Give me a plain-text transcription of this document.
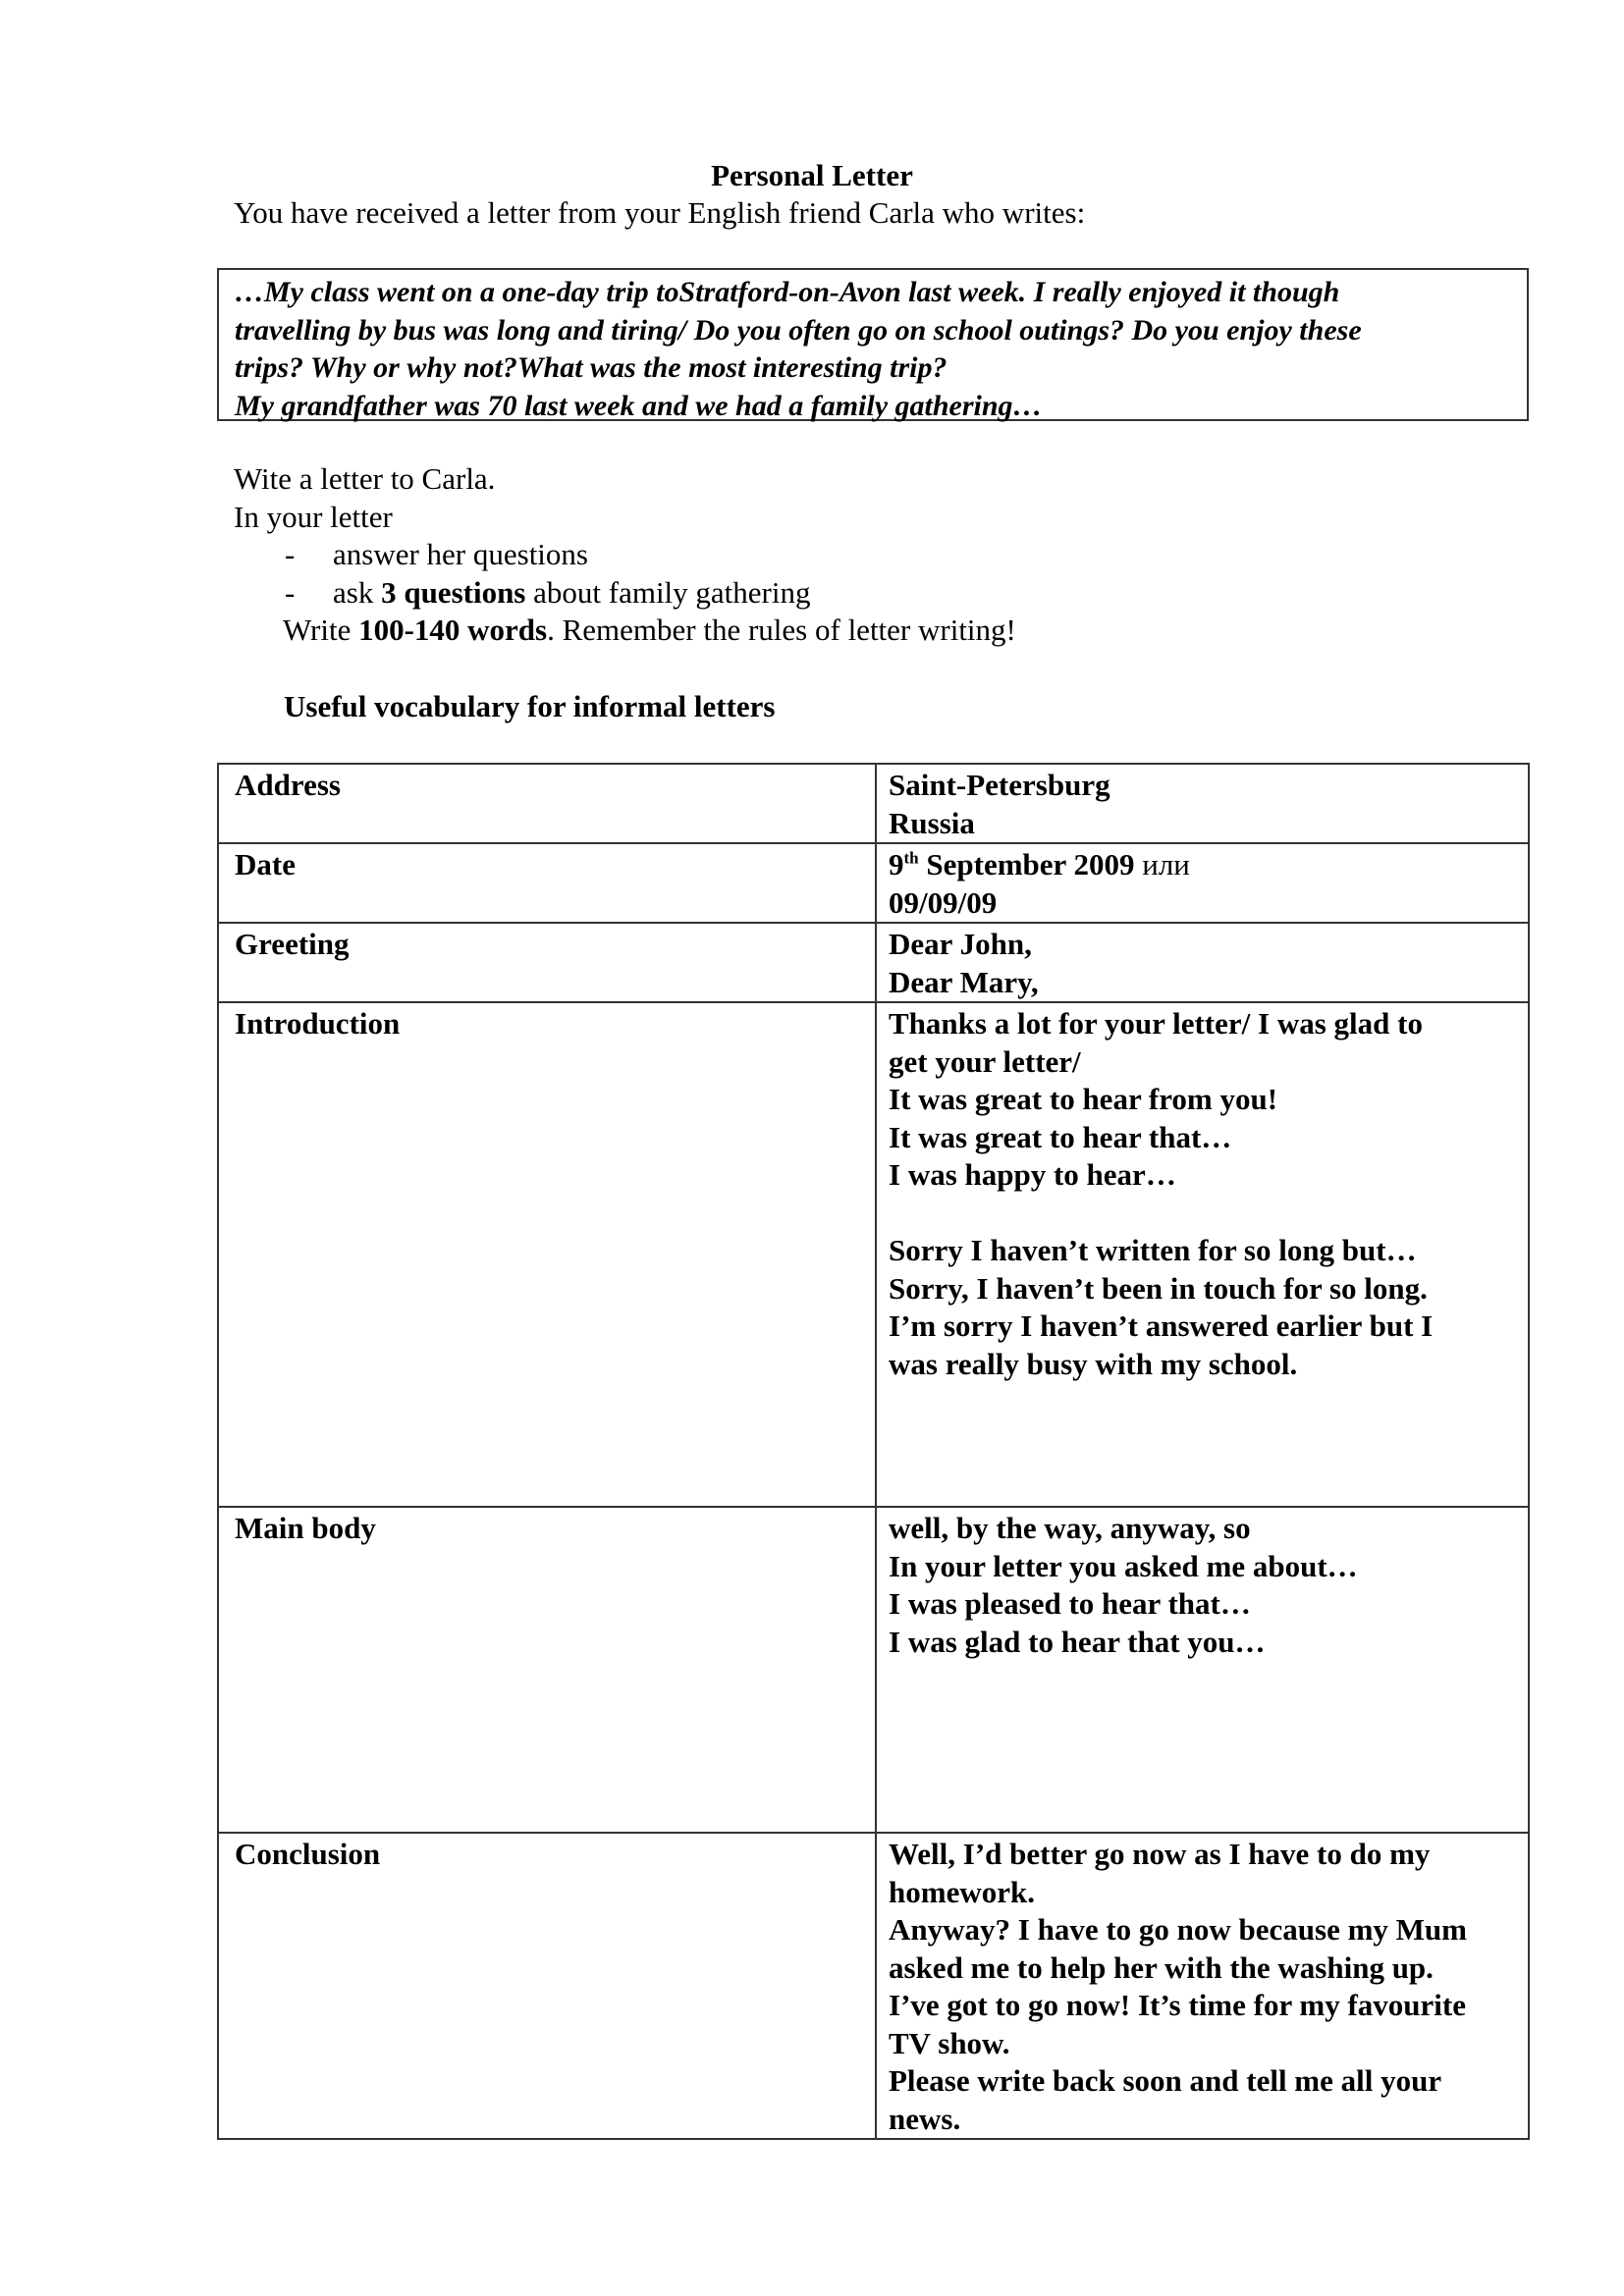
Personal Letter
You have received a letter from your English friend Carla who writes:
…My class went on a one-day trip toStratford-on-Avon last week. I really enjoyed it though
travelling by bus was long and tiring/ Do you often go on school outings? Do you enjoy these
trips? Why or why not?What was the most interesting trip?
My grandfather was 70 last week and we had a family gathering…
Wite a letter to Carla.
In your letter
- answer her questions
- ask 3 questions about family gathering
Write 100-140 words. Remember the rules of letter writing!
Useful vocabulary for informal letters
Address	Saint-Petersburg
Russia

Date	9th September 2009 или
09/09/09

Greeting	Dear John,
Dear Mary,

Introduction	Thanks a lot for your letter/ I was glad to
get your letter/
It was great to hear from you!
It was great to hear that…
I was happy to hear…
Sorry I haven’t written for so long but…
Sorry, I haven’t been in touch for so long.
I’m sorry I haven’t answered earlier but I
was really busy with my school.

Main body	well, by the way, anyway, so
In your letter you asked me about…
I was pleased to hear that…
I was glad to hear that you…

Conclusion	Well, I’d better go now as I have to do my
homework.
Anyway? I have to go now because my Mum
asked me to help her with the washing up.
I’ve got to go now! It’s time for my favourite
TV show.
Please write back soon and tell me all your
news.
